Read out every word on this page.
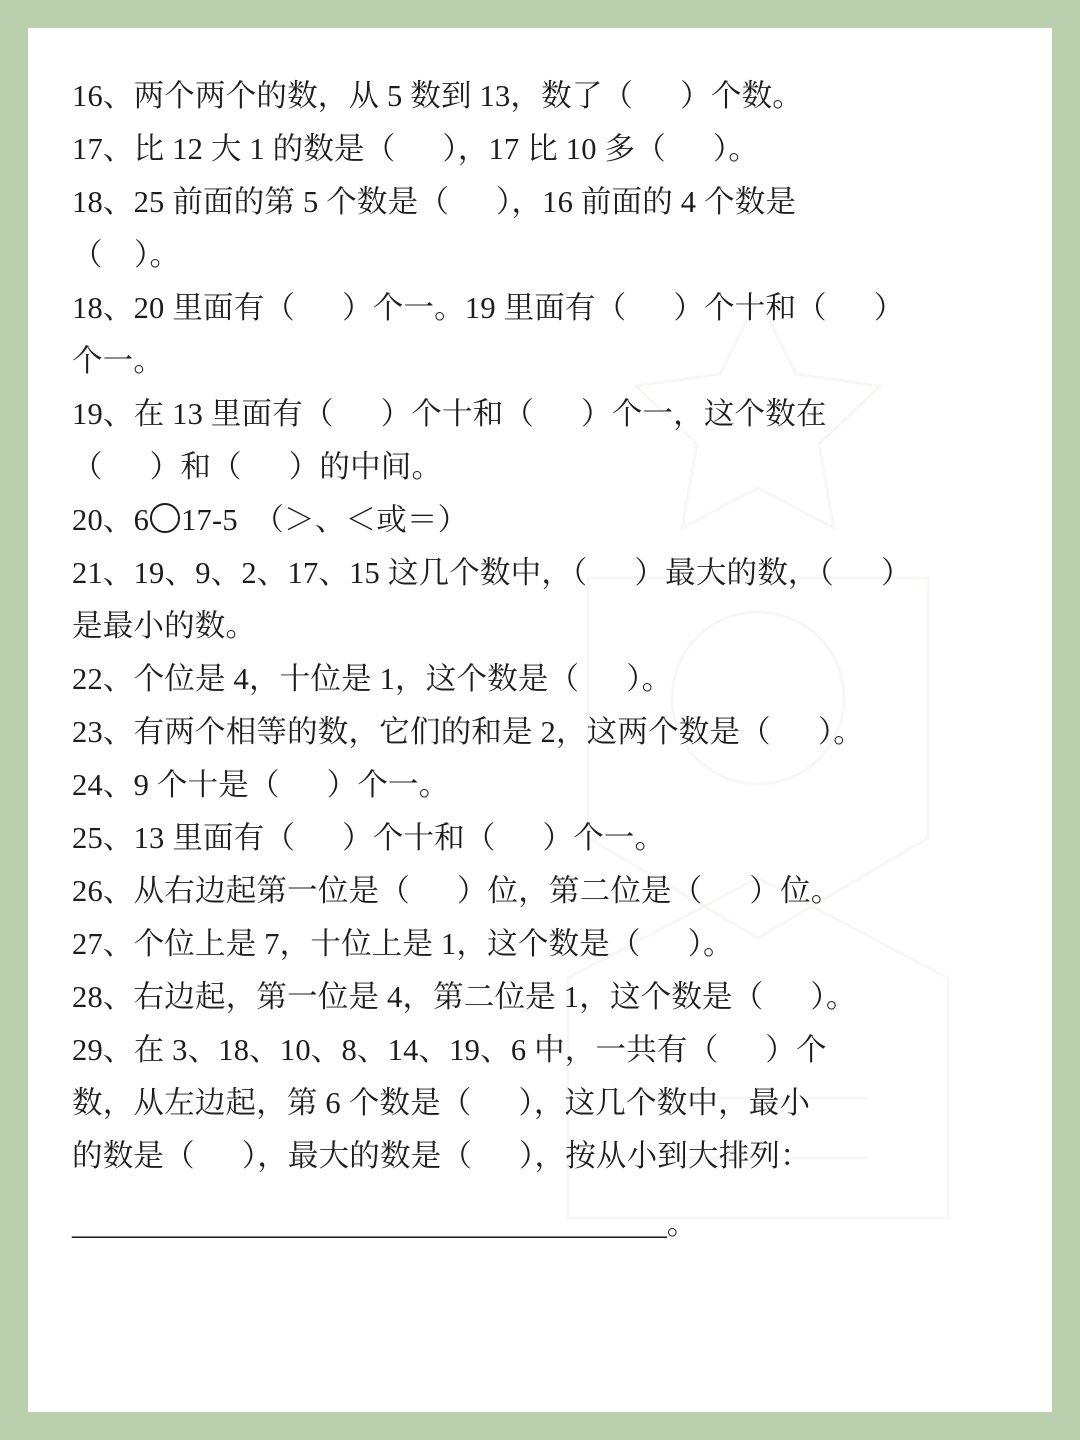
16、两个两个的数，从 5 数到 13，数了（      ）个数。
17、比 12 大 1 的数是（      ），17 比 10 多（      ）。
18、25 前面的第 5 个数是（      ），16 前面的 4 个数是
（    ）。
18、20 里面有（      ）个一。19 里面有（      ）个十和（      ）
个一。
19、在 13 里面有（      ）个十和（      ）个一，这个数在
（      ）和（      ）的中间。
20、6 17-5  （＞、＜或＝）
21、19、9、2、17、15 这几个数中，（      ）最大的数，（      ）
是最小的数。
22、个位是 4，十位是 1，这个数是（      ）。
23、有两个相等的数，它们的和是 2，这两个数是（      ）。
24、9 个十是（      ）个一。
25、13 里面有（      ）个十和（      ）个一。
26、从右边起第一位是（      ）位，第二位是（      ）位。
27、个位上是 7，十位上是 1，这个数是（      ）。
28、右边起，第一位是 4，第二位是 1，这个数是（      ）。
29、在 3、18、10、8、14、19、6 中，一共有（      ）个
数，从左边起，第 6 个数是（      ），这几个数中，最小
的数是（      ），最大的数是（      ），按从小到大排列：
_______________________________________。
